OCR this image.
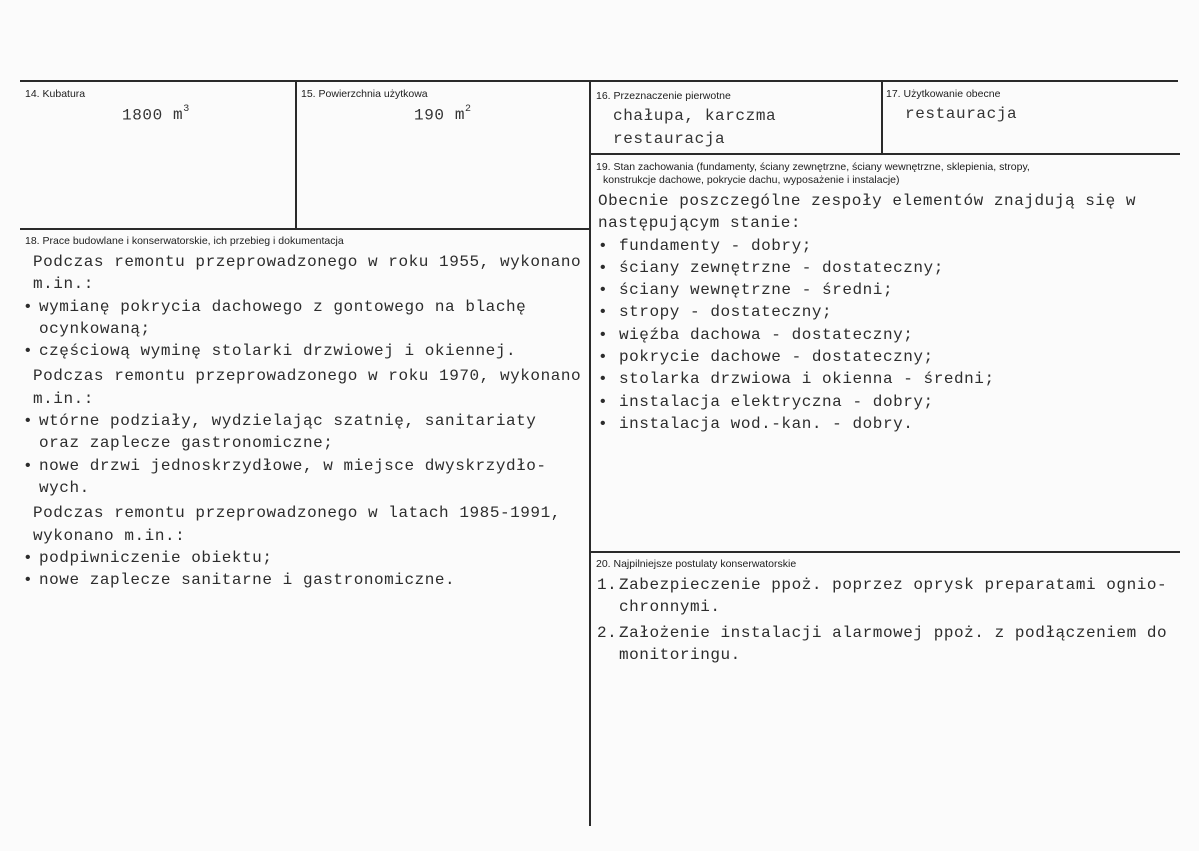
14. Kubatura
1800 $m^3$
15. Powierzchnia użytkowa
190 $m^2$
16. Przeznaczenie pierwotne
chałupa, karczma
restauracja
17. Użytkowanie obecne
restauracja
18. Prace budowlane i konserwatorskie, ich przebieg i dokumentacja
Podczas remontu przeprowadzonego w roku 1955, wykonano
m.in.:
• wymianę pokrycia dachowego z gontowego na blachę
ocynkowaną;
• częściową wyminę stolarki drzwiowej i okiennej.
Podczas remontu przeprowadzonego w roku 1970, wykonano
m.in.:
• wtórne podziały, wydzielając szatnię, sanitariaty
oraz zaplecze gastronomiczne;
• nowe drzwi jednoskrzydłowe, w miejsce dwyskrzydło-
wych.
Podczas remontu przeprowadzonego w latach 1985-1991,
wykonano m.in.:
• podpiwniczenie obiektu;
• nowe zaplecze sanitarne i gastronomiczne.
19. Stan zachowania (fundamenty, ściany zewnętrzne, ściany wewnętrzne, sklepienia, stropy,
konstrukcje dachowe, pokrycie dachu, wyposażenie i instalacje)
Obecnie poszczególne zespoły elementów znajdują się w
następującym stanie:
• fundamenty - dobry;
• ściany zewnętrzne - dostateczny;
• ściany wewnętrzne - średni;
• stropy - dostateczny;
• więźba dachowa - dostateczny;
• pokrycie dachowe - dostateczny;
• stolarka drzwiowa i okienna - średni;
• instalacja elektryczna - dobry;
• instalacja wod.-kan. - dobry.
20. Najpilniejsze postulaty konserwatorskie
1. Zabezpieczenie ppoż. poprzez oprysk preparatami ognio-
chronnymi.
2. Założenie instalacji alarmowej ppoż. z podłączeniem do
monitoringu.
